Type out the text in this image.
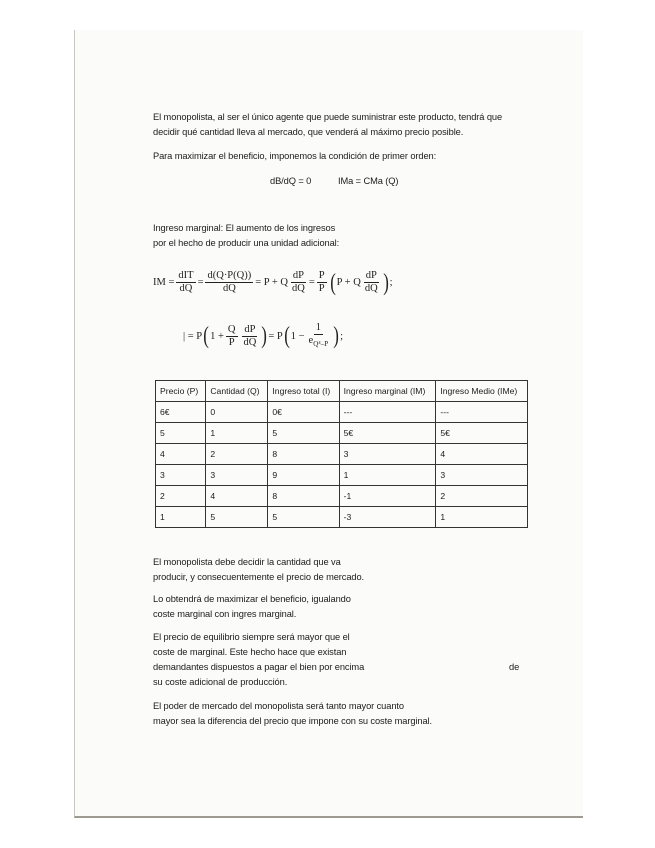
El monopolista, al ser el único agente que puede suministrar este producto, tendrá que
decidir qué cantidad lleva al mercado, que venderá al máximo precio posible.
Para maximizar el beneficio, imponemos la condición de primer orden:
dB/dQ = 0	IMa = CMa (Q)
Ingreso marginal: El aumento de los ingresos
por el hecho de producir una unidad adicional:
IM = $\frac{\text{dIT}}{dQ} = \frac{d(Q\cdot P(Q))}{dQ} = P + Q \frac{dP}{dQ} = \frac{P}{P}$ ( P + Q $\frac{dP}{dQ}$ ) ;
| = P ( $1 + \frac{Q}{P} \frac{dP}{dQ}$ ) = P ( $1 - \frac{1}{e_{Q^4-P}}$ ) ;
Precio (P)	Cantidad (Q)	Ingreso total (I)	Ingreso marginal (IM)	Ingreso Medio (IMe)
6€	0	0€	---	---
5	1	5	5€	5€
4	2	8	3	4
3	3	9	1	3
2	4	8	-1	2
1	5	5	-3	1
El monopolista debe decidir la cantidad que va
producir, y consecuentemente el precio de mercado.
Lo obtendrá de maximizar el beneficio, igualando
coste marginal con ingres marginal.
El precio de equilibrio siempre será mayor que el
coste de marginal. Este hecho hace que existan
demandantes dispuestos a pagar el bien por encima	de
su coste adicional de producción.
El poder de mercado del monopolista será tanto mayor cuanto
mayor sea la diferencia del precio que impone con su coste marginal.
